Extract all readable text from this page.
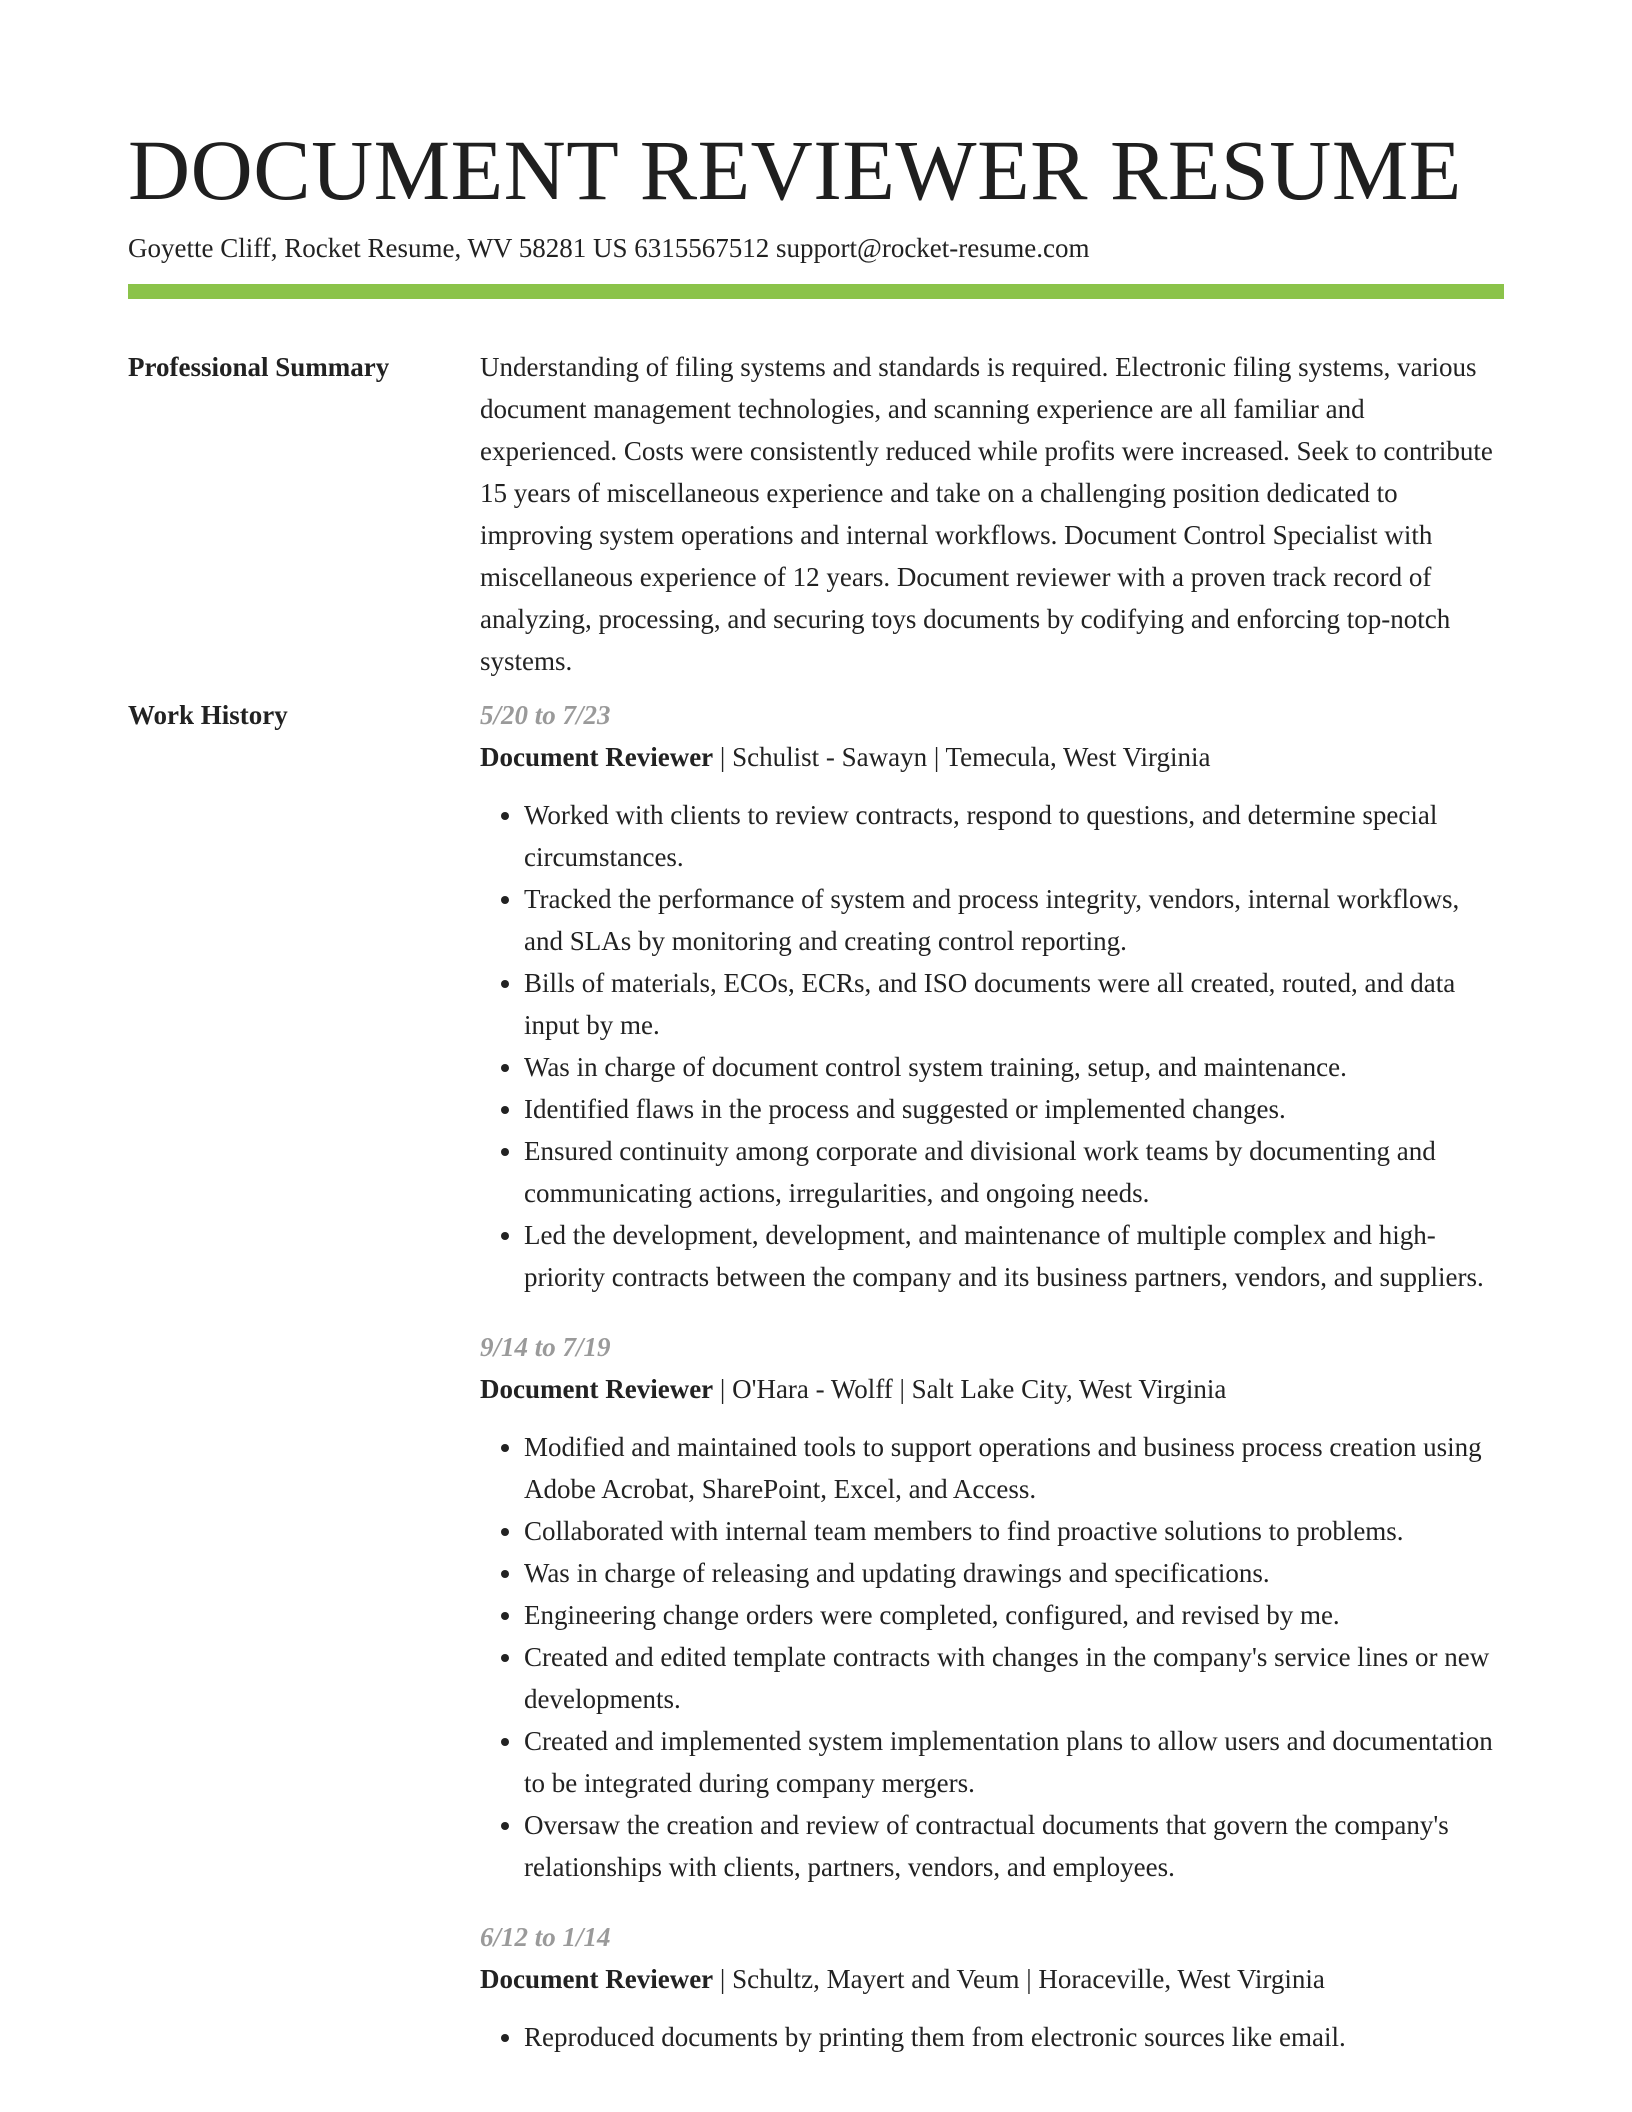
DOCUMENT REVIEWER RESUME
Goyette Cliff, Rocket Resume, WV 58281 US 6315567512 support@rocket-resume.com
Professional Summary	Understanding of filing systems and standards is required. Electronic filing systems, various document management technologies, and scanning experience are all familiar and experienced. Costs were consistently reduced while profits were increased. Seek to contribute 15 years of miscellaneous experience and take on a challenging position dedicated to improving system operations and internal workflows. Document Control Specialist with miscellaneous experience of 12 years. Document reviewer with a proven track record of analyzing, processing, and securing toys documents by codifying and enforcing top-notch systems.

Work History	5/20 to 7/23
Document Reviewer | Schulist - Sawayn | Temecula, West Virginia
• Worked with clients to review contracts, respond to questions, and determine special circumstances.
• Tracked the performance of system and process integrity, vendors, internal workflows, and SLAs by monitoring and creating control reporting.
• Bills of materials, ECOs, ECRs, and ISO documents were all created, routed, and data input by me.
• Was in charge of document control system training, setup, and maintenance.
• Identified flaws in the process and suggested or implemented changes.
• Ensured continuity among corporate and divisional work teams by documenting and communicating actions, irregularities, and ongoing needs.
• Led the development, development, and maintenance of multiple complex and high-priority contracts between the company and its business partners, vendors, and suppliers.
9/14 to 7/19
Document Reviewer | O'Hara - Wolff | Salt Lake City, West Virginia
• Modified and maintained tools to support operations and business process creation using Adobe Acrobat, SharePoint, Excel, and Access.
• Collaborated with internal team members to find proactive solutions to problems.
• Was in charge of releasing and updating drawings and specifications.
• Engineering change orders were completed, configured, and revised by me.
• Created and edited template contracts with changes in the company's service lines or new developments.
• Created and implemented system implementation plans to allow users and documentation to be integrated during company mergers.
• Oversaw the creation and review of contractual documents that govern the company's relationships with clients, partners, vendors, and employees.
6/12 to 1/14
Document Reviewer | Schultz, Mayert and Veum | Horaceville, West Virginia
• Reproduced documents by printing them from electronic sources like email.
